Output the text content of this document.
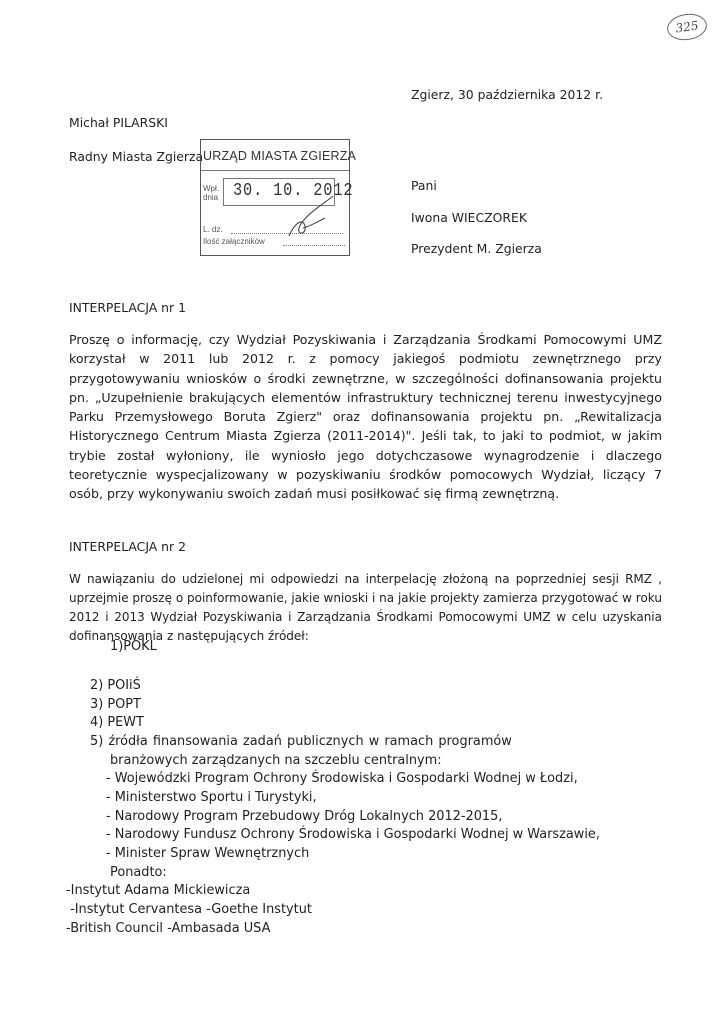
325
Zgierz, 30 października 2012 r.
Michał PILARSKI
Radny Miasta Zgierza URZĄD MIASTA ZGIERZA
Wpł.
dnia 30. 10. 2012
L. dz.
Ilość załączników
Pani
Iwona WIECZOREK
Prezydent M. Zgierza
INTERPELACJA nr 1
Proszę o informację, czy Wydział Pozyskiwania i Zarządzania Środkami Pomocowymi UMZ
korzystał w 2011 lub 2012 r. z pomocy jakiegoś podmiotu zewnętrznego przy
przygotowywaniu wniosków o środki zewnętrzne, w szczególności dofinansowania projektu
pn. „Uzupełnienie brakujących elementów infrastruktury technicznej terenu inwestycyjnego
Parku Przemysłowego Boruta Zgierz" oraz dofinansowania projektu pn. „Rewitalizacja
Historycznego Centrum Miasta Zgierza (2011-2014)". Jeśli tak, to jaki to podmiot, w jakim
trybie został wyłoniony, ile wyniosło jego dotychczasowe wynagrodzenie i dlaczego
teoretycznie wyspecjalizowany w pozyskiwaniu środków pomocowych Wydział, liczący 7
osób, przy wykonywaniu swoich zadań musi posiłkować się firmą zewnętrzną.
INTERPELACJA nr 2
W nawiązaniu do udzielonej mi odpowiedzi na interpelację złożoną na poprzedniej sesji RMZ ,
uprzejmie proszę o poinformowanie, jakie wnioski i na jakie projekty zamierza przygotować w roku
2012 i 2013 Wydział Pozyskiwania i Zarządzania Środkami Pomocowymi UMZ w celu uzyskania
dofinansowania z następujących źródeł:
1)POKL
2) POIiŚ
3) POPT
4) PEWT
5) źródła finansowania zadań publicznych w ramach programów
branżowych zarządzanych na szczeblu centralnym:
- Wojewódzki Program Ochrony Środowiska i Gospodarki Wodnej w Łodzi,
- Ministerstwo Sportu i Turystyki,
- Narodowy Program Przebudowy Dróg Lokalnych 2012-2015,
- Narodowy Fundusz Ochrony Środowiska i Gospodarki Wodnej w Warszawie,
- Minister Spraw Wewnętrznych
Ponadto:
-Instytut Adama Mickiewicza
-Instytut Cervantesa -Goethe Instytut
-British Council -Ambasada USA
